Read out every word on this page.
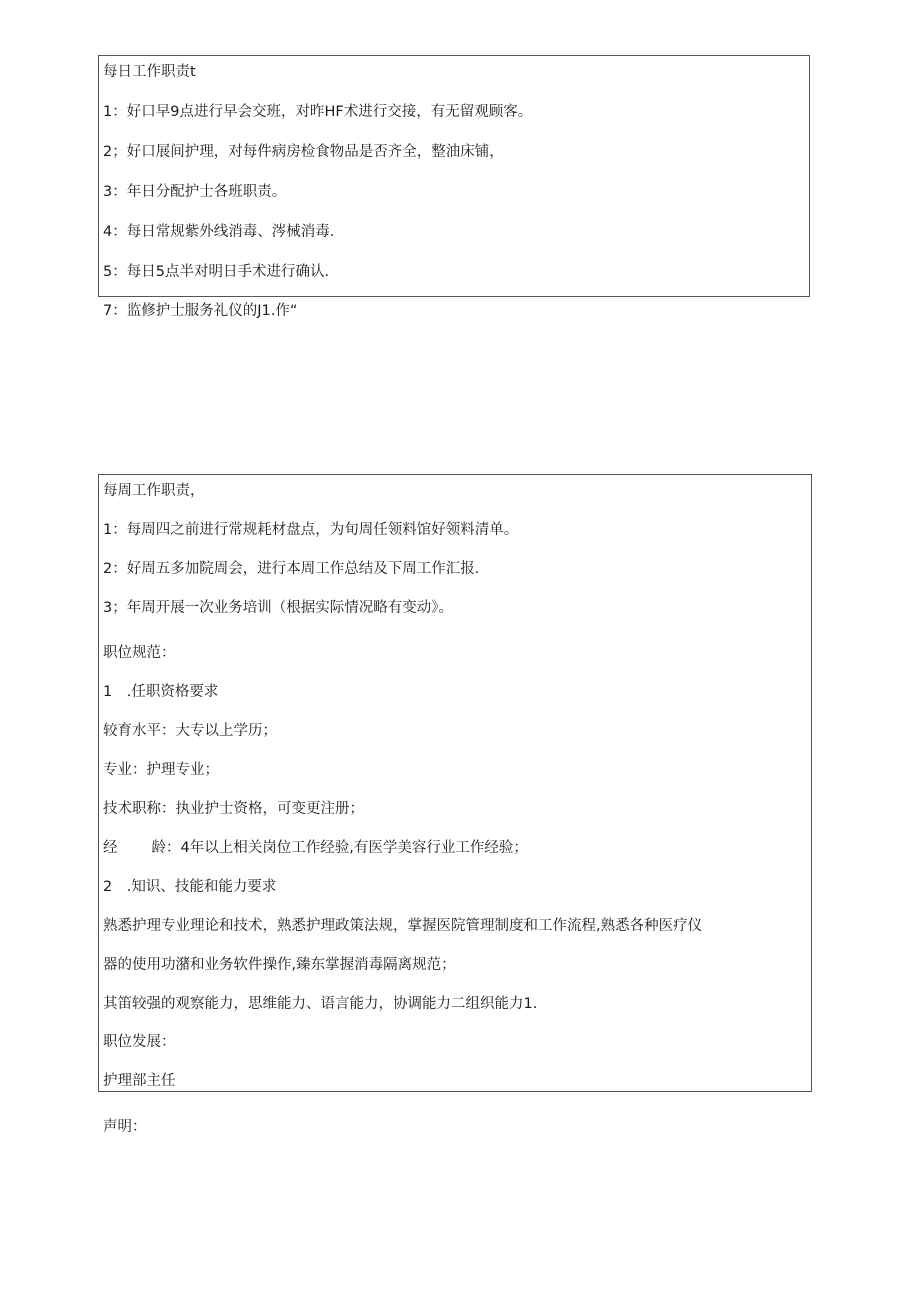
每日工作职责t
1：好口早9点进行早会交班，对昨HF术进行交接，有无留观顾客。
2；好口展间护理，对每件病房检食物品是否齐全，整油床铺，
3：年日分配护士各班职责。
4：每日常规紫外线消毒、涔械消毒.
5：每日5点半对明日手术进行确认.
7：监修护士服务礼仪的J1.作“
每周工作职责，
1：每周四之前进行常规耗材盘点，为旬周任领料馆好领料清单。
2：好周五多加院周会，进行本周工作总结及下周工作汇报.
3；年周开展一次业务培训（根据实际情况略有变动》。
职位规范：
1　.任职资格要求
较育水平：大专以上学历；
专业：护理专业；
技术职称：执业护士资格，可变更注册；
经 龄：4年以上相关岗位工作经验,有医学美容行业工作经验；
2　.知识、技能和能力要求
熟悉护理专业理论和技术，熟悉护理政策法规，掌握医院管理制度和工作流程,熟悉各种医疗仪
器的使用功潴和业务软件操作,臻东掌握消毒隔离规范；
其笛较强的观察能力，思维能力、语言能力，协调能力二组织能力1.
职位发展：
护理部主任
声明：
